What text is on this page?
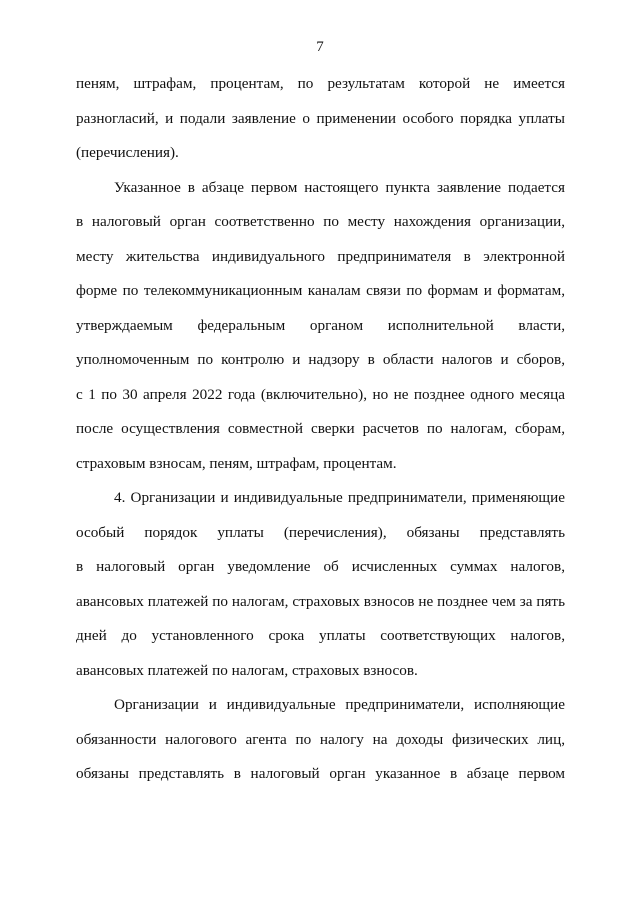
7
пеням, штрафам, процентам, по результатам которой не имеется
разногласий, и подали заявление о применении особого порядка уплаты
(перечисления).
Указанное в абзаце первом настоящего пункта заявление подается
в налоговый орган соответственно по месту нахождения организации,
месту жительства индивидуального предпринимателя в электронной
форме по телекоммуникационным каналам связи по формам и форматам,
утверждаемым федеральным органом исполнительной власти,
уполномоченным по контролю и надзору в области налогов и сборов,
с 1 по 30 апреля 2022 года (включительно), но не позднее одного месяца
после осуществления совместной сверки расчетов по налогам, сборам,
страховым взносам, пеням, штрафам, процентам.
4. Организации и индивидуальные предприниматели, применяющие
особый порядок уплаты (перечисления), обязаны представлять
в налоговый орган уведомление об исчисленных суммах налогов,
авансовых платежей по налогам, страховых взносов не позднее чем за пять
дней до установленного срока уплаты соответствующих налогов,
авансовых платежей по налогам, страховых взносов.
Организации и индивидуальные предприниматели, исполняющие
обязанности налогового агента по налогу на доходы физических лиц,
обязаны представлять в налоговый орган указанное в абзаце первом
